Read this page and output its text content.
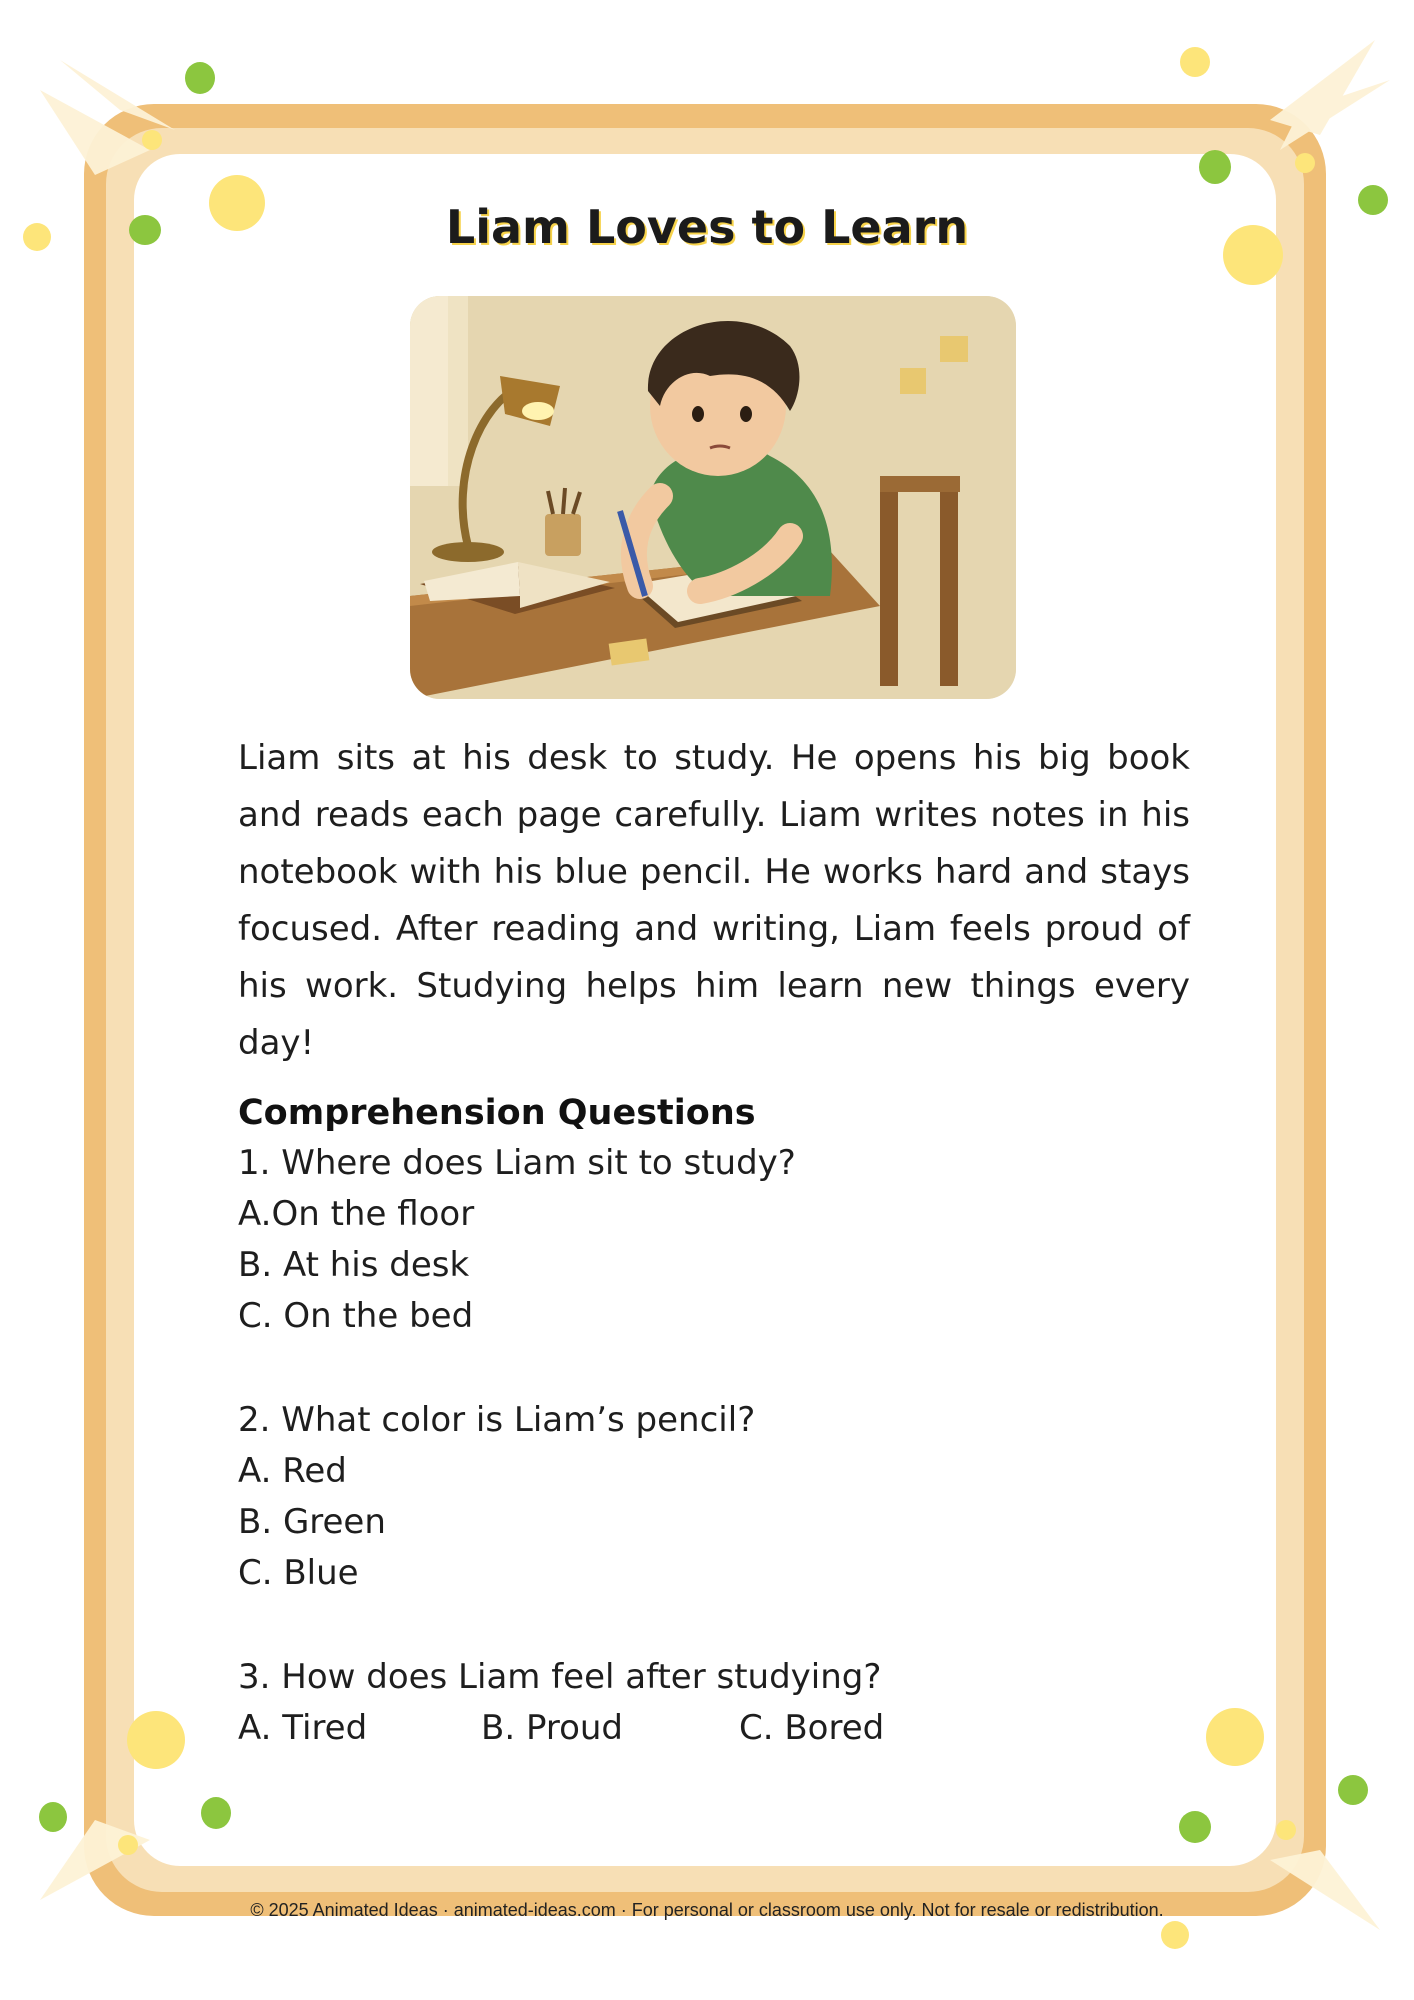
Liam Loves to Learn

Liam sits at his desk to study. He opens his big book and reads each page carefully. Liam writes notes in his notebook with his blue pencil. He works hard and stays focused. After reading and writing, Liam feels proud of his work. Studying helps him learn new things every day!

Comprehension Questions

1. Where does Liam sit to study?

A.On the floor

B. At his desk

C. On the bed

2. What color is Liam’s pencil?

A. Red

B. Green

C. Blue

3. How does Liam feel after studying?

A. Tired	B. Proud	C. Bored

© 2025 Animated Ideas · animated-ideas.com · For personal or classroom use only. Not for resale or redistribution.
